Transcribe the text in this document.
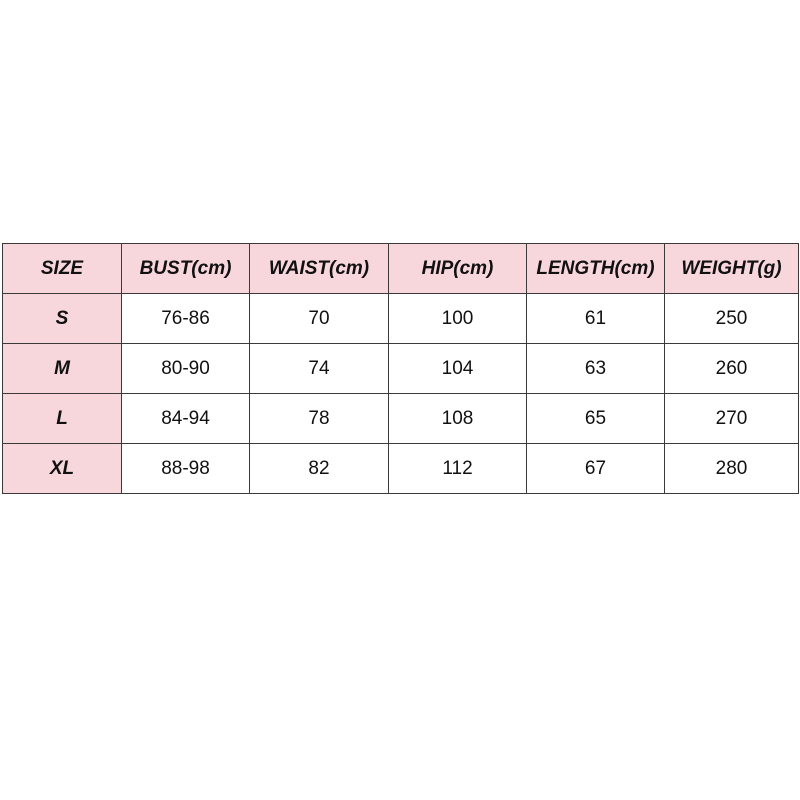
SIZE	BUST(cm)	WAIST(cm)	HIP(cm)	LENGTH(cm)	WEIGHT(g)
S	76-86	70	100	61	250
M	80-90	74	104	63	260
L	84-94	78	108	65	270
XL	88-98	82	112	67	280
